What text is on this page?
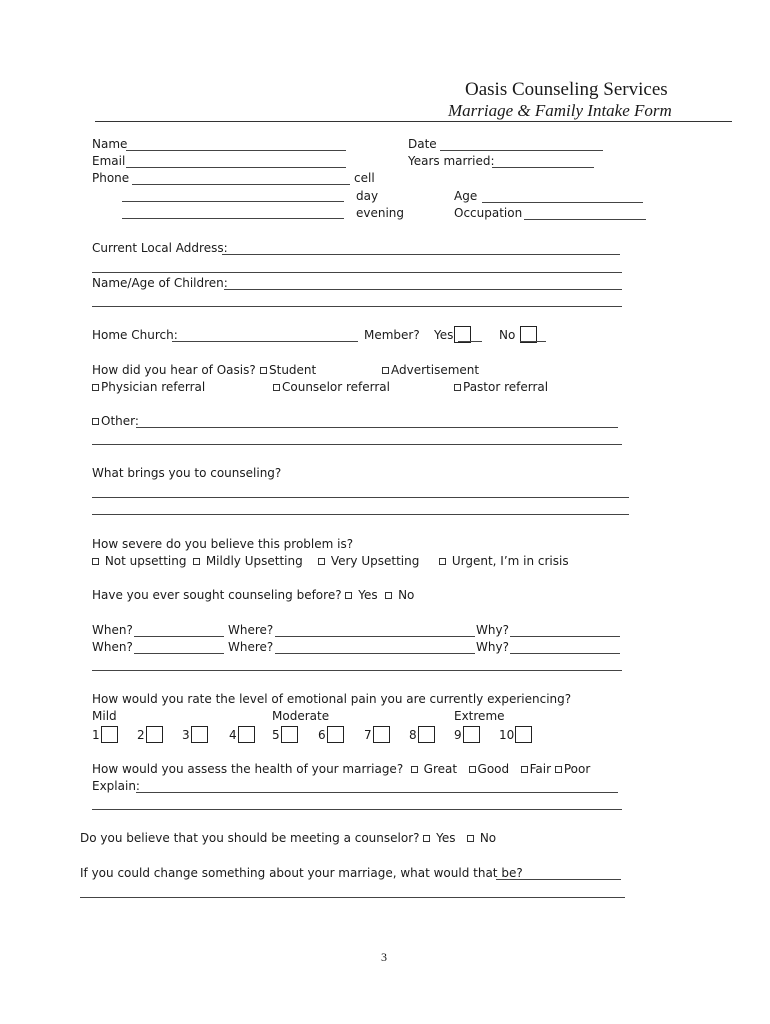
Oasis Counseling Services
Marriage & Family Intake Form
Name	Date
Email	Years married:
Phone	cell
day	Age
evening	Occupation
Current Local Address:
Name/Age of Children:
Home Church:	Member? Yes	No
How did you hear of Oasis?	Student	Advertisement
Physician referral	Counselor referral	Pastor referral
Other:
What brings you to counseling?
How severe do you believe this problem is?
Not upsetting	Mildly Upsetting	Very Upsetting	Urgent, I’m in crisis
Have you ever sought counseling before? Yes No
When?	Where?	Why?
When?	Where?	Why?
How would you rate the level of emotional pain you are currently experiencing?
Mild	Moderate	Extreme
1	2	3	4	5	6	7	8	9	10
How would you assess the health of your marriage? Great Good Fair Poor
Explain:
Do you believe that you should be meeting a counselor? Yes No
If you could change something about your marriage, what would that be?
3
